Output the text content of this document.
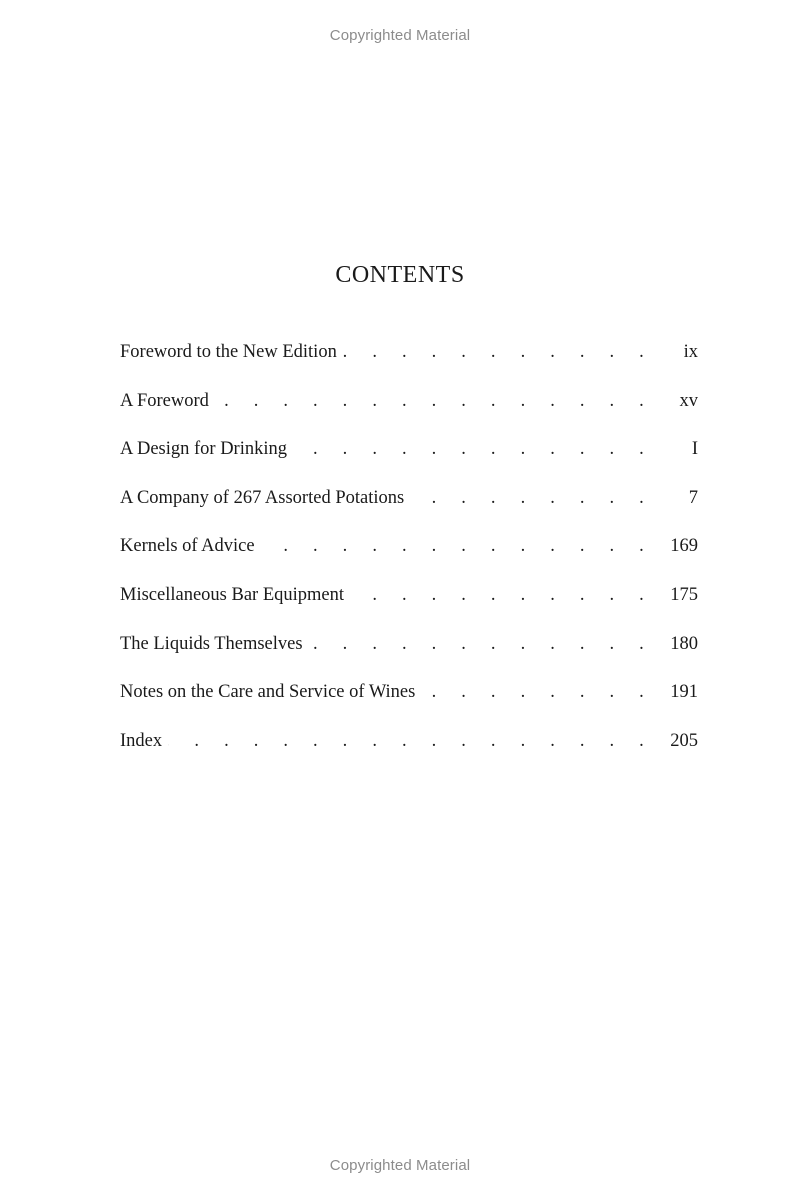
Copyrighted Material
CONTENTS
Foreword to the New Edition . . .	ix
A Foreword . . .	xv
A Design for Drinking . . .	I
A Company of 267 Assorted Potations . . .	7
Kernels of Advice . . .	169
Miscellaneous Bar Equipment . . .	175
The Liquids Themselves . . .	180
Notes on the Care and Service of Wines . . .	191
Index . . .	205
Copyrighted Material
